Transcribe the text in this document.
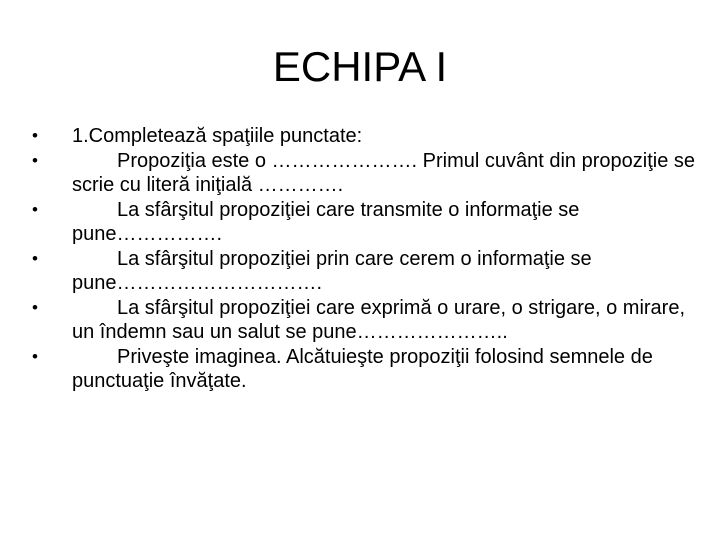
ECHIPA I
• 1.Completează spaţiile punctate:
•	Propoziţia este o …………………. Primul cuvânt din propoziţie se scrie cu literă iniţială ………….
•	La sfârşitul propoziţiei care transmite o informaţie se pune…………….
•	La sfârşitul propoziţiei prin care cerem o informaţie se pune………………………….
•	La sfârşitul propoziţiei care exprimă o urare, o strigare, o mirare, un îndemn sau un salut se pune…………………..
•	Priveşte imaginea. Alcătuieşte propoziţii folosind semnele de punctuaţie învăţate.
